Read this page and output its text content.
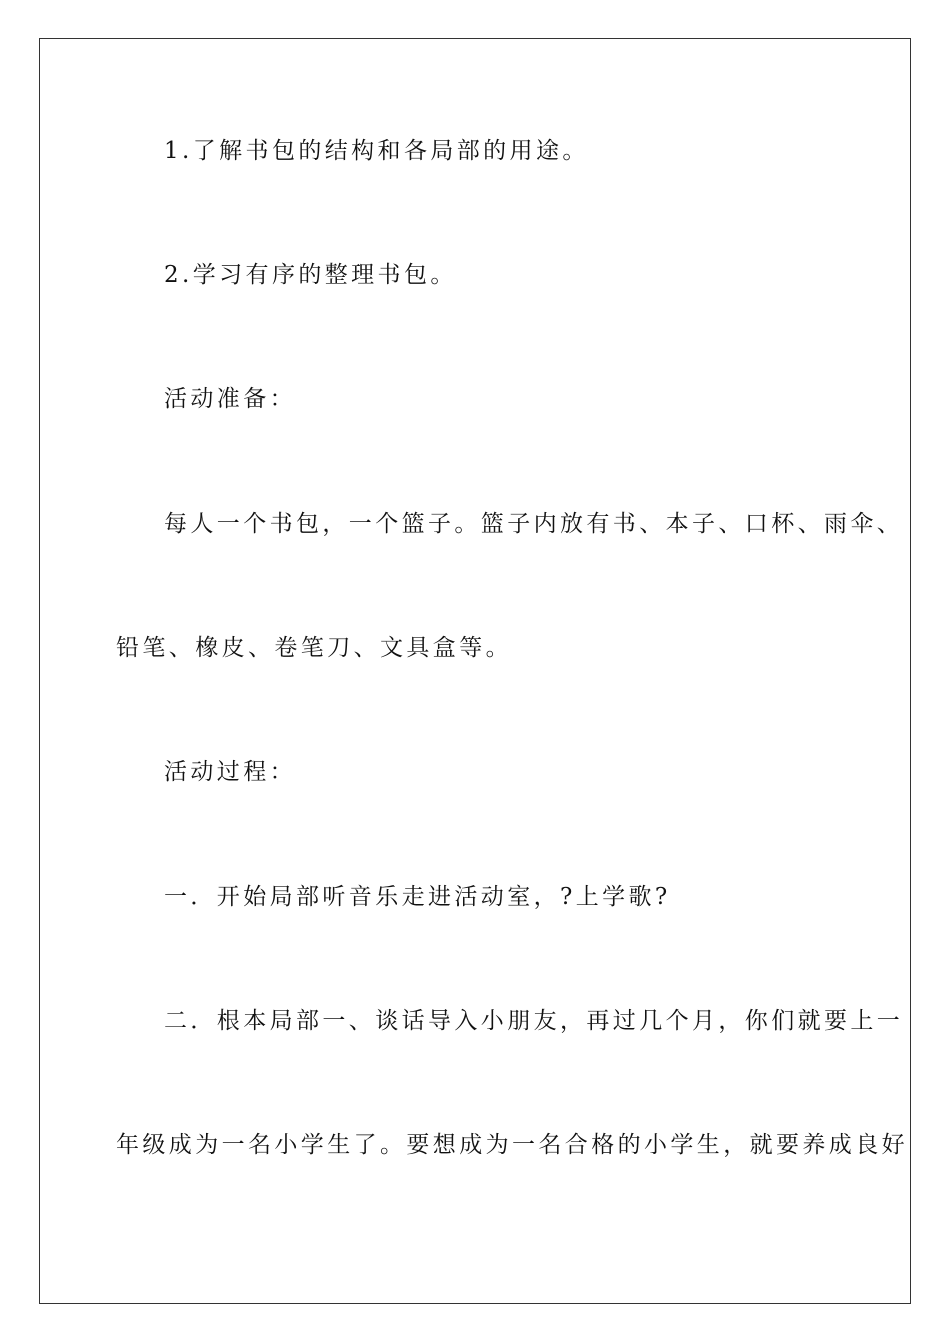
1.了解书包的结构和各局部的用途。

2.学习有序的整理书包。

活动准备：

每人一个书包，一个篮子。篮子内放有书、本子、口杯、雨伞、

铅笔、橡皮、卷笔刀、文具盒等。

活动过程：

一．开始局部听音乐走进活动室，?上学歌?

二．根本局部一、谈话导入小朋友，再过几个月，你们就要上一

年级成为一名小学生了。要想成为一名合格的小学生，就要养成良好
